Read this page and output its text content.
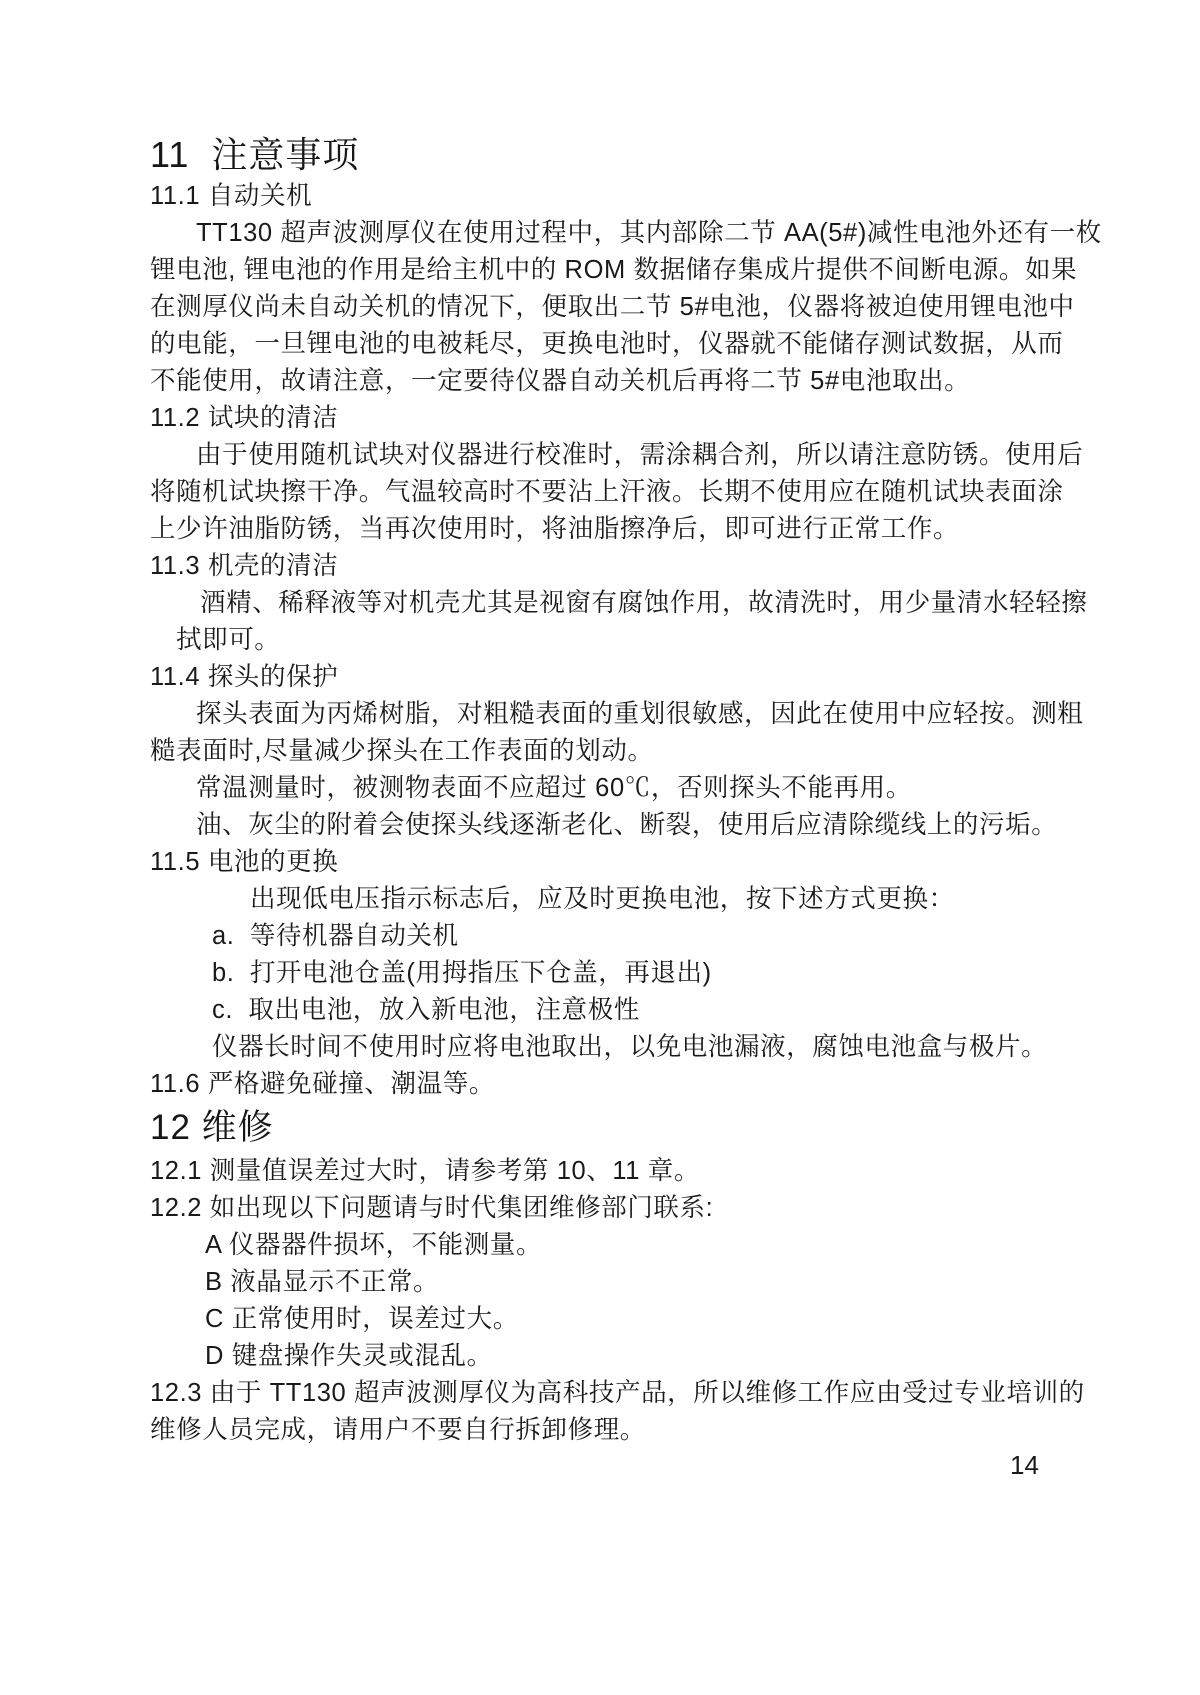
11  注意事项
11.1 自动关机
TT130 超声波测厚仪在使用过程中，其内部除二节 AA(5#)减性电池外还有一枚
锂电池, 锂电池的作用是给主机中的 ROM 数据储存集成片提供不间断电源。如果
在测厚仪尚未自动关机的情况下，便取出二节 5#电池，仪器将被迫使用锂电池中
的电能，一旦锂电池的电被耗尽，更换电池时，仪器就不能储存测试数据，从而
不能使用，故请注意，一定要待仪器自动关机后再将二节 5#电池取出。
11.2 试块的清洁
由于使用随机试块对仪器进行校准时，需涂耦合剂，所以请注意防锈。使用后
将随机试块擦干净。气温较高时不要沾上汗液。长期不使用应在随机试块表面涂
上少许油脂防锈，当再次使用时，将油脂擦净后，即可进行正常工作。
11.3 机壳的清洁
酒精、稀释液等对机壳尤其是视窗有腐蚀作用，故清洗时，用少量清水轻轻擦
拭即可。
11.4 探头的保护
探头表面为丙烯树脂，对粗糙表面的重划很敏感，因此在使用中应轻按。测粗
糙表面时,尽量减少探头在工作表面的划动。
常温测量时，被测物表面不应超过 60℃，否则探头不能再用。
油、灰尘的附着会使探头线逐渐老化、断裂，使用后应清除缆线上的污垢。
11.5 电池的更换
出现低电压指示标志后，应及时更换电池，按下述方式更换：
a.  等待机器自动关机
b.  打开电池仓盖(用拇指压下仓盖，再退出)
c.  取出电池，放入新电池，注意极性
仪器长时间不使用时应将电池取出，以免电池漏液，腐蚀电池盒与极片。
11.6 严格避免碰撞、潮温等。
12 维修
12.1 测量值误差过大时，请参考第 10、11 章。
12.2 如出现以下问题请与时代集团维修部门联系:
A 仪器器件损坏，不能测量。
B 液晶显示不正常。
C 正常使用时，误差过大。
D 键盘操作失灵或混乱。
12.3 由于 TT130 超声波测厚仪为高科技产品，所以维修工作应由受过专业培训的
维修人员完成，请用户不要自行拆卸修理。
14
